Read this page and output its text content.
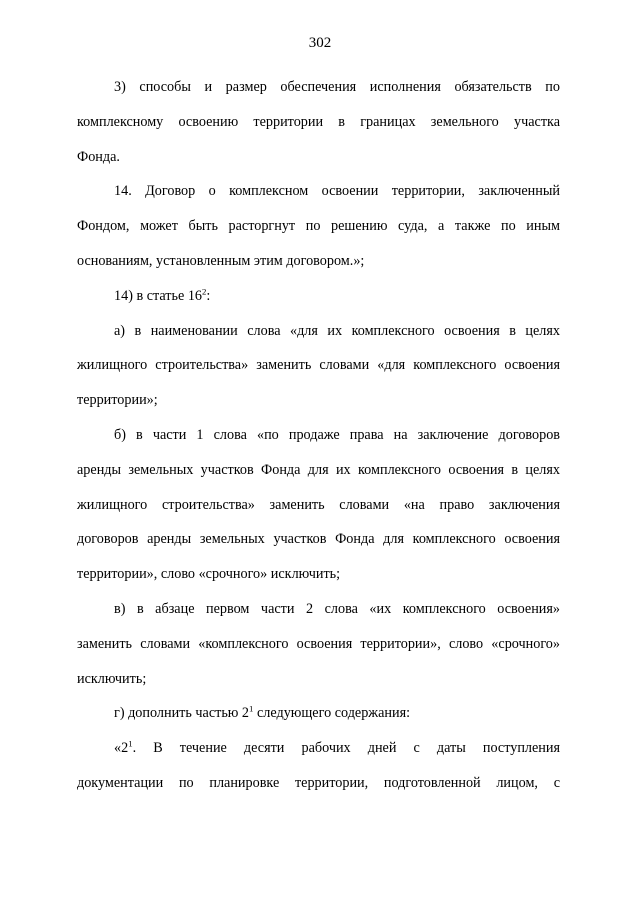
302
3) способы и размер обеспечения исполнения обязательств по
комплексному освоению территории в границах земельного участка
Фонда.
14. Договор о комплексном освоении территории, заключенный
Фондом, может быть расторгнут по решению суда, а также по иным
основаниям, установленным этим договором.»;
14) в статье $16^2$:
а) в наименовании слова «для их комплексного освоения в целях
жилищного строительства» заменить словами «для комплексного освоения
территории»;
б) в части 1 слова «по продаже права на заключение договоров
аренды земельных участков Фонда для их комплексного освоения в целях
жилищного строительства» заменить словами «на право заключения
договоров аренды земельных участков Фонда для комплексного освоения
территории», слово «срочного» исключить;
в) в абзаце первом части 2 слова «их комплексного освоения»
заменить словами «комплексного освоения территории», слово «срочного»
исключить;
г) дополнить частью $2^1$ следующего содержания:
«$2^1$. В течение десяти рабочих дней с даты поступления
документации по планировке территории, подготовленной лицом, с
